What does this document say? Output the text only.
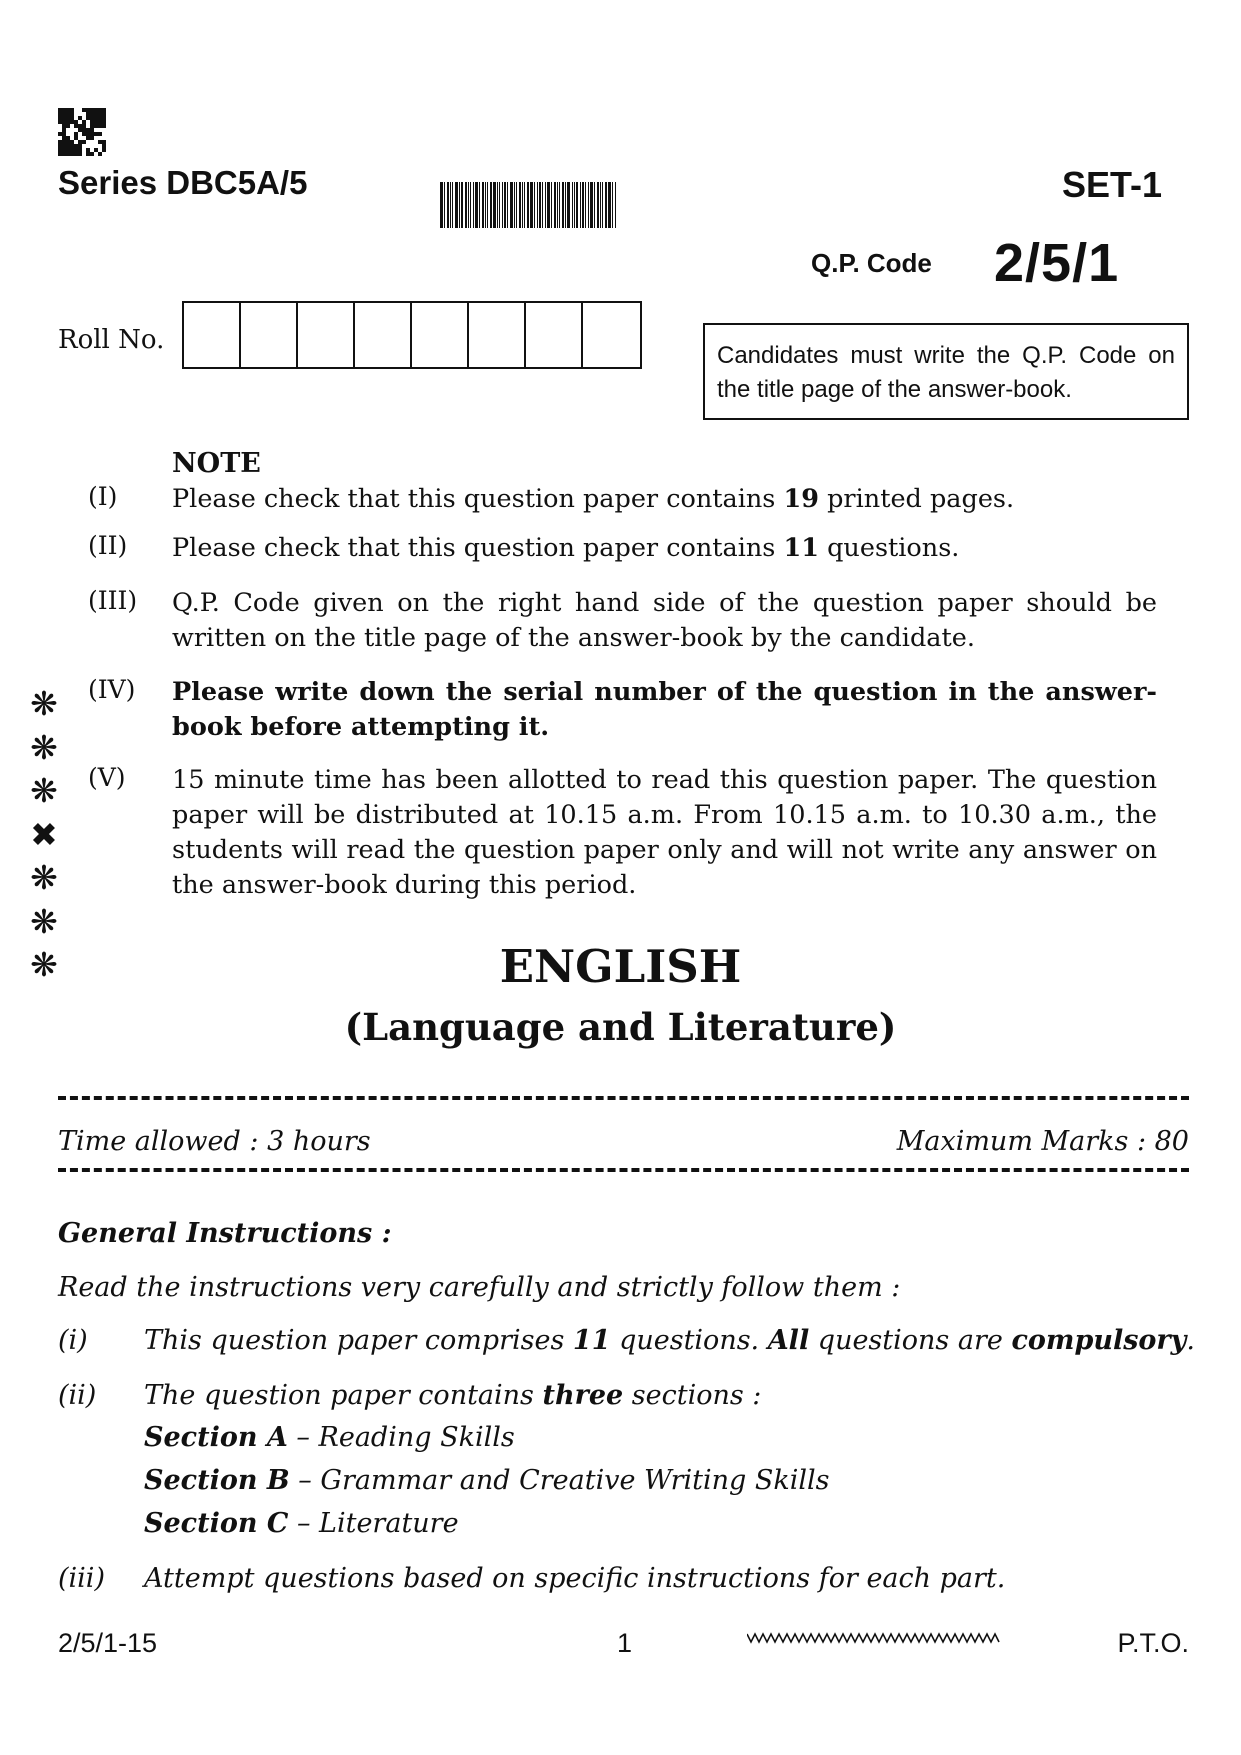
Series DBC5A/5	SET-1
Q.P. Code 2/5/1
Roll No.
Candidates must write the Q.P. Code on the title page of the answer-book.
NOTE
(I) Please check that this question paper contains 19 printed pages.
(II) Please check that this question paper contains 11 questions.
(III) Q.P. Code given on the right hand side of the question paper should be written on the title page of the answer-book by the candidate.
(IV) Please write down the serial number of the question in the answer-book before attempting it.
(V) 15 minute time has been allotted to read this question paper. The question paper will be distributed at 10.15 a.m. From 10.15 a.m. to 10.30 a.m., the students will read the question paper only and will not write any answer on the answer-book during this period.
❋
❋
❋
✖
❋
❋
❋	ENGLISH
(Language and Literature)
Time allowed : 3 hours	Maximum Marks : 80
General Instructions :
Read the instructions very carefully and strictly follow them :
(i) This question paper comprises 11 questions. All questions are compulsory.
(ii) The question paper contains three sections :
Section A – Reading Skills
Section B – Grammar and Creative Writing Skills
Section C – Literature
(iii) Attempt questions based on specific instructions for each part.
2/5/1-15	1	P.T.O.
